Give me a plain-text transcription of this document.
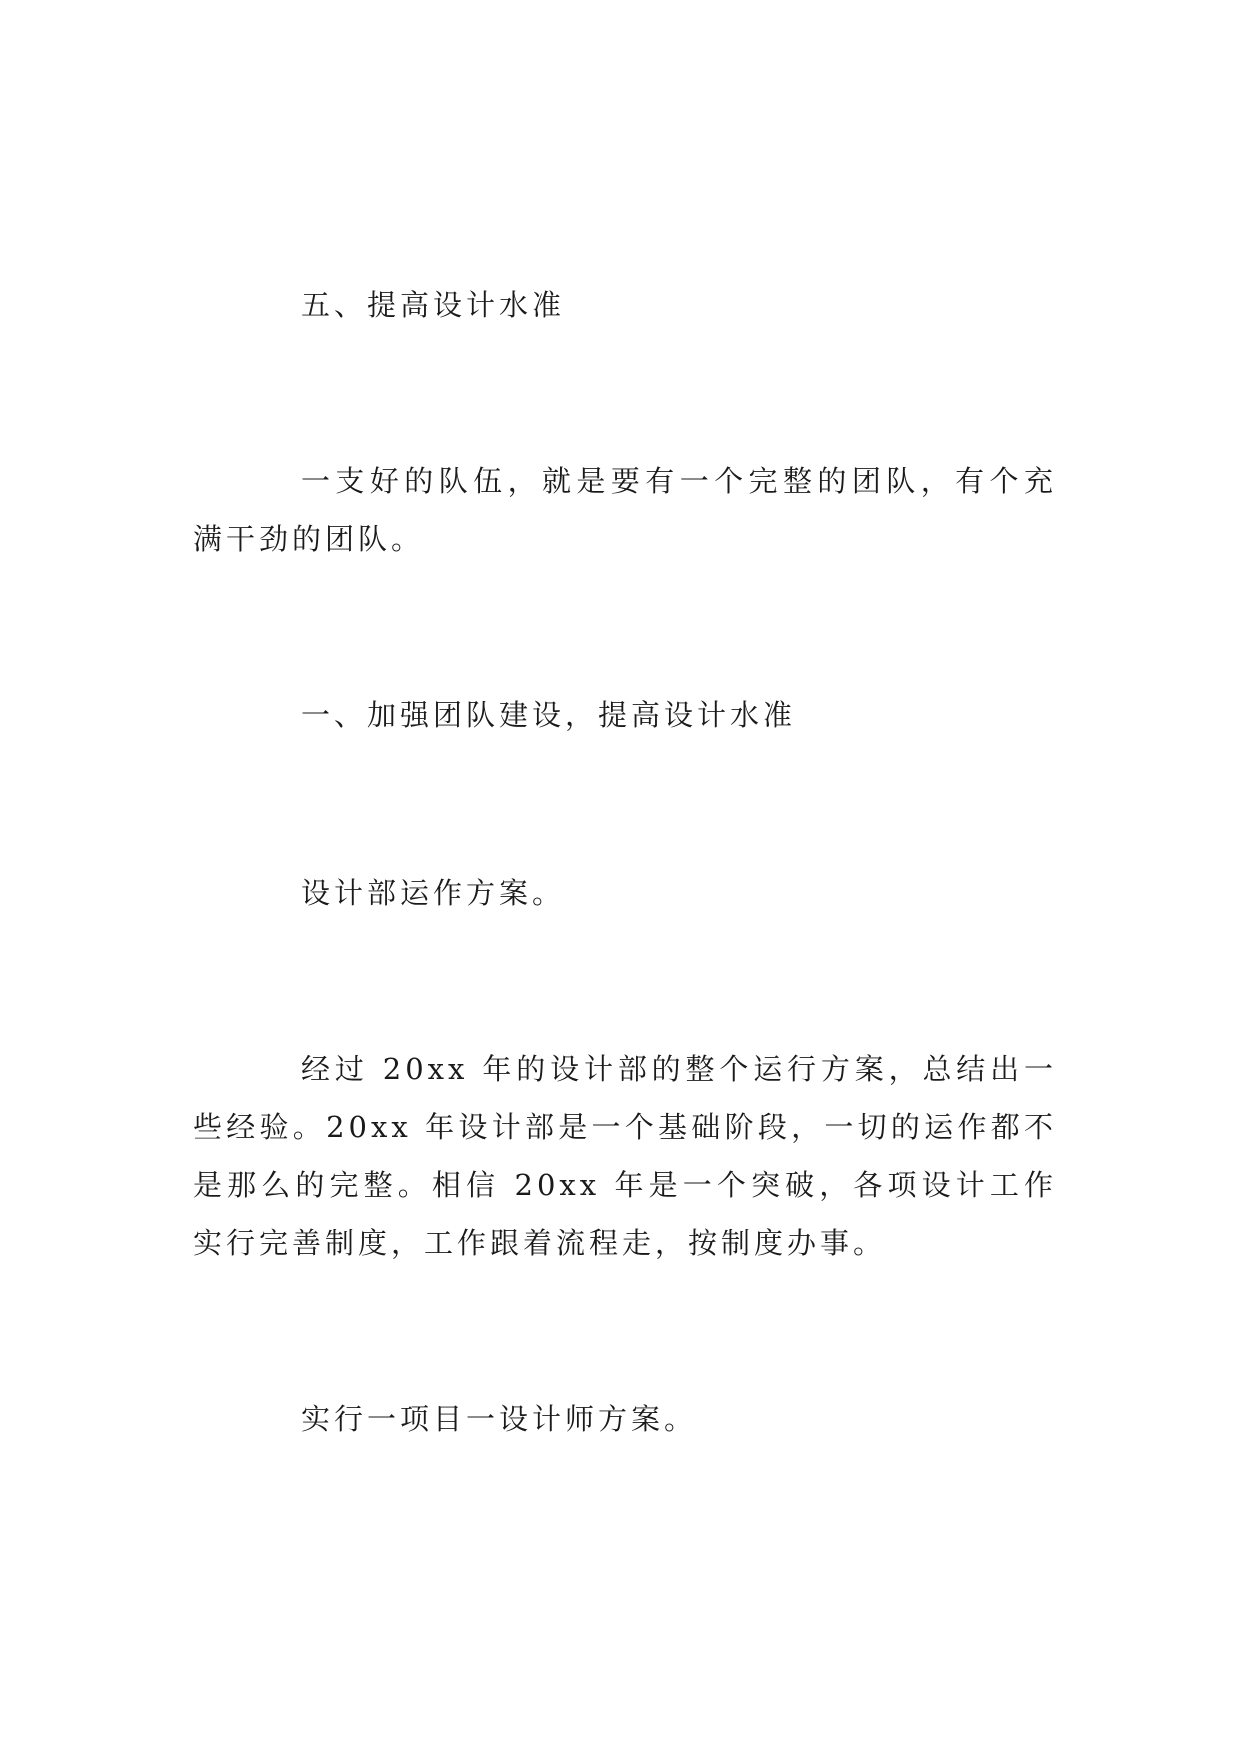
五、提高设计水准

一支好的队伍，就是要有一个完整的团队，有个充满干劲的团队。

一、加强团队建设，提高设计水准

设计部运作方案。

经过 20xx 年的设计部的整个运行方案，总结出一些经验。20xx 年设计部是一个基础阶段，一切的运作都不是那么的完整。相信 20xx 年是一个突破，各项设计工作实行完善制度，工作跟着流程走，按制度办事。

实行一项目一设计师方案。
